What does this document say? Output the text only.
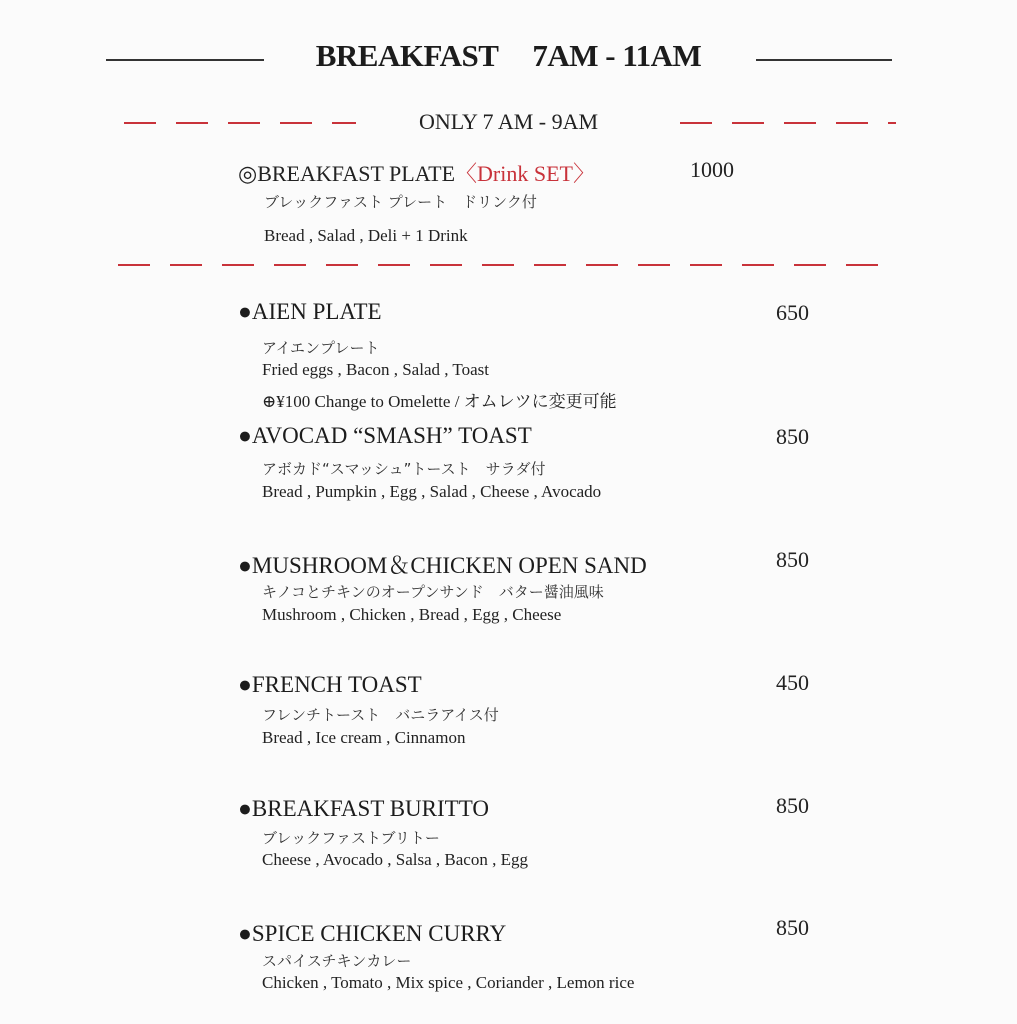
BREAKFAST 7AM - 11AM
ONLY 7 AM - 9AM
◎BREAKFAST PLATE〈Drink SET〉	1000
ブレックファスト プレート　ドリンク付
Bread , Salad , Deli + 1 Drink
●AIEN PLATE	650
アイエンプレート
Fried eggs , Bacon , Salad , Toast
⊕¥100 Change to Omelette / オムレツに変更可能
●AVOCAD “SMASH” TOAST	850
アボカド“スマッシュ”トースト　サラダ付
Bread , Pumpkin , Egg , Salad , Cheese , Avocado
●MUSHROOM＆CHICKEN OPEN SAND	850
キノコとチキンのオープンサンド　バター醤油風味
Mushroom , Chicken , Bread , Egg , Cheese
●FRENCH TOAST	450
フレンチトースト　バニラアイス付
Bread , Ice cream , Cinnamon
●BREAKFAST BURITTO	850
ブレックファストブリトー
Cheese , Avocado , Salsa , Bacon , Egg
●SPICE CHICKEN CURRY	850
スパイスチキンカレー
Chicken , Tomato , Mix spice , Coriander , Lemon rice
